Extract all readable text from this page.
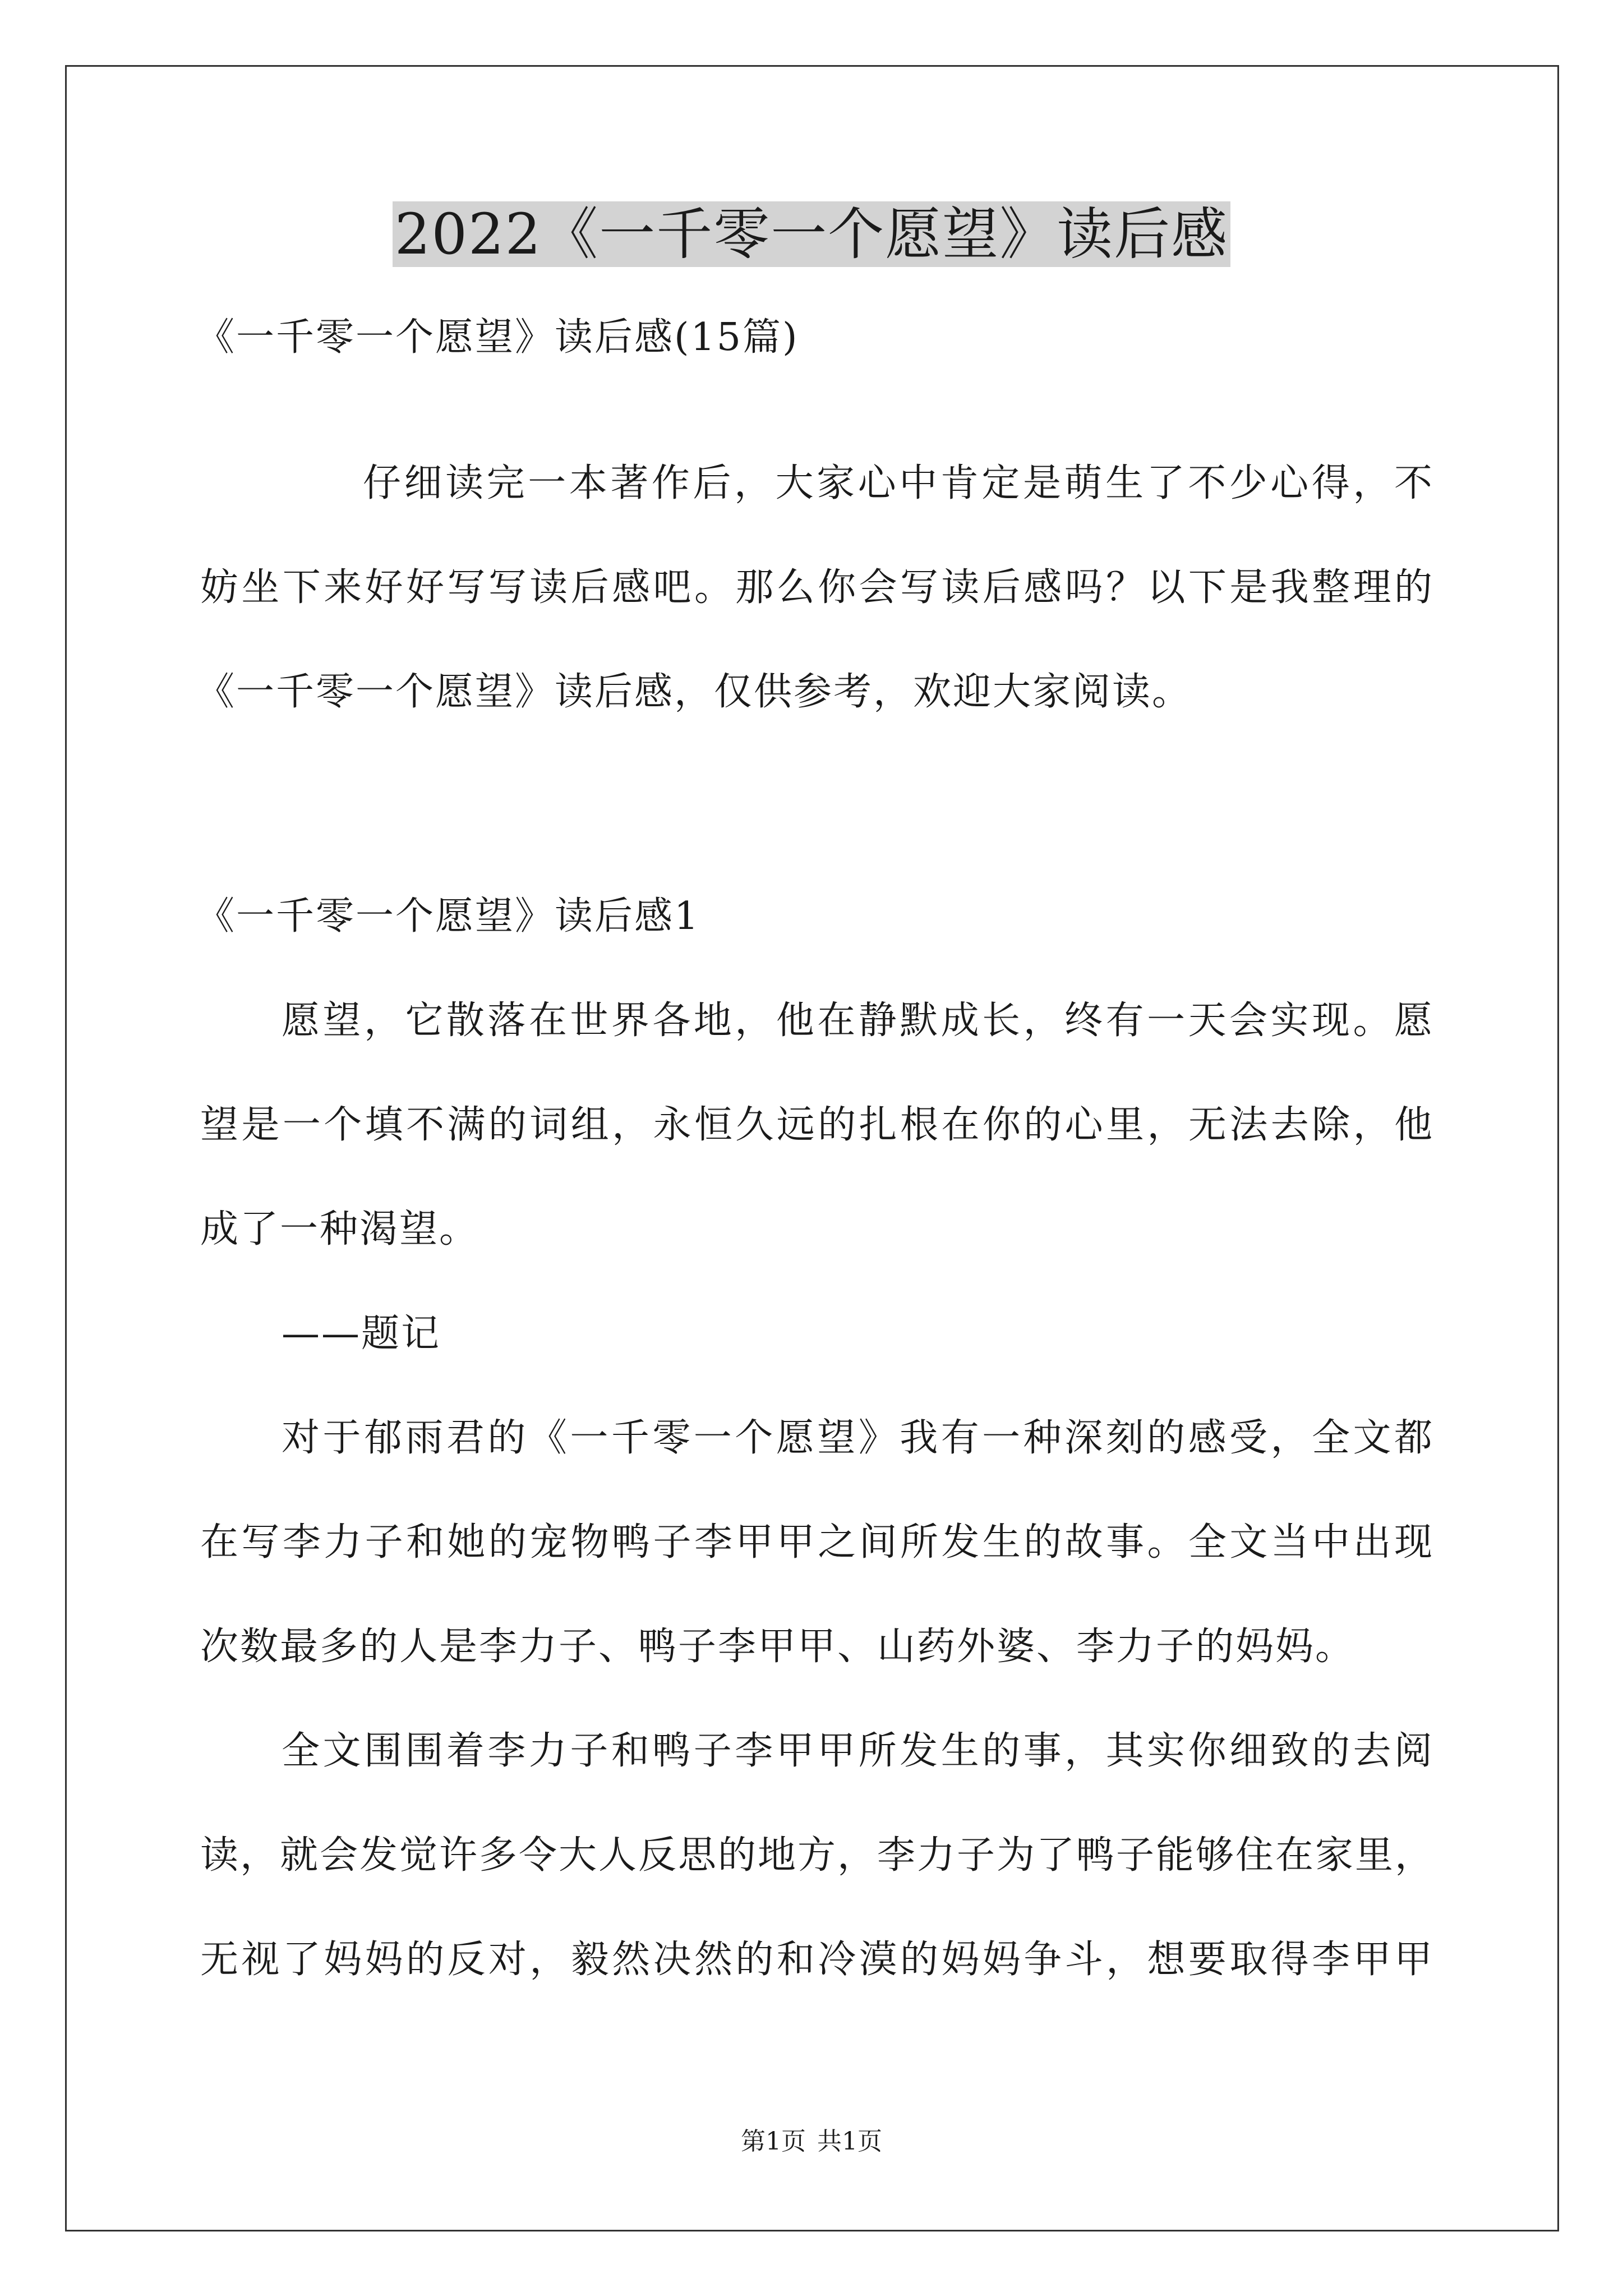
2022《一千零一个愿望》读后感
《一千零一个愿望》读后感(15篇)
仔细读完一本著作后，大家心中肯定是萌生了不少心得，不
妨坐下来好好写写读后感吧。那么你会写读后感吗？以下是我整理的
《一千零一个愿望》读后感，仅供参考，欢迎大家阅读。
《一千零一个愿望》读后感1
愿望，它散落在世界各地，他在静默成长，终有一天会实现。愿
望是一个填不满的词组，永恒久远的扎根在你的心里，无法去除，他
成了一种渴望。
——题记
对于郁雨君的《一千零一个愿望》我有一种深刻的感受，全文都
在写李力子和她的宠物鸭子李甲甲之间所发生的故事。全文当中出现
次数最多的人是李力子、鸭子李甲甲、山药外婆、李力子的妈妈。
全文围围着李力子和鸭子李甲甲所发生的事，其实你细致的去阅
读，就会发觉许多令大人反思的地方，李力子为了鸭子能够住在家里，
无视了妈妈的反对，毅然决然的和冷漠的妈妈争斗，想要取得李甲甲
第1页 共1页
